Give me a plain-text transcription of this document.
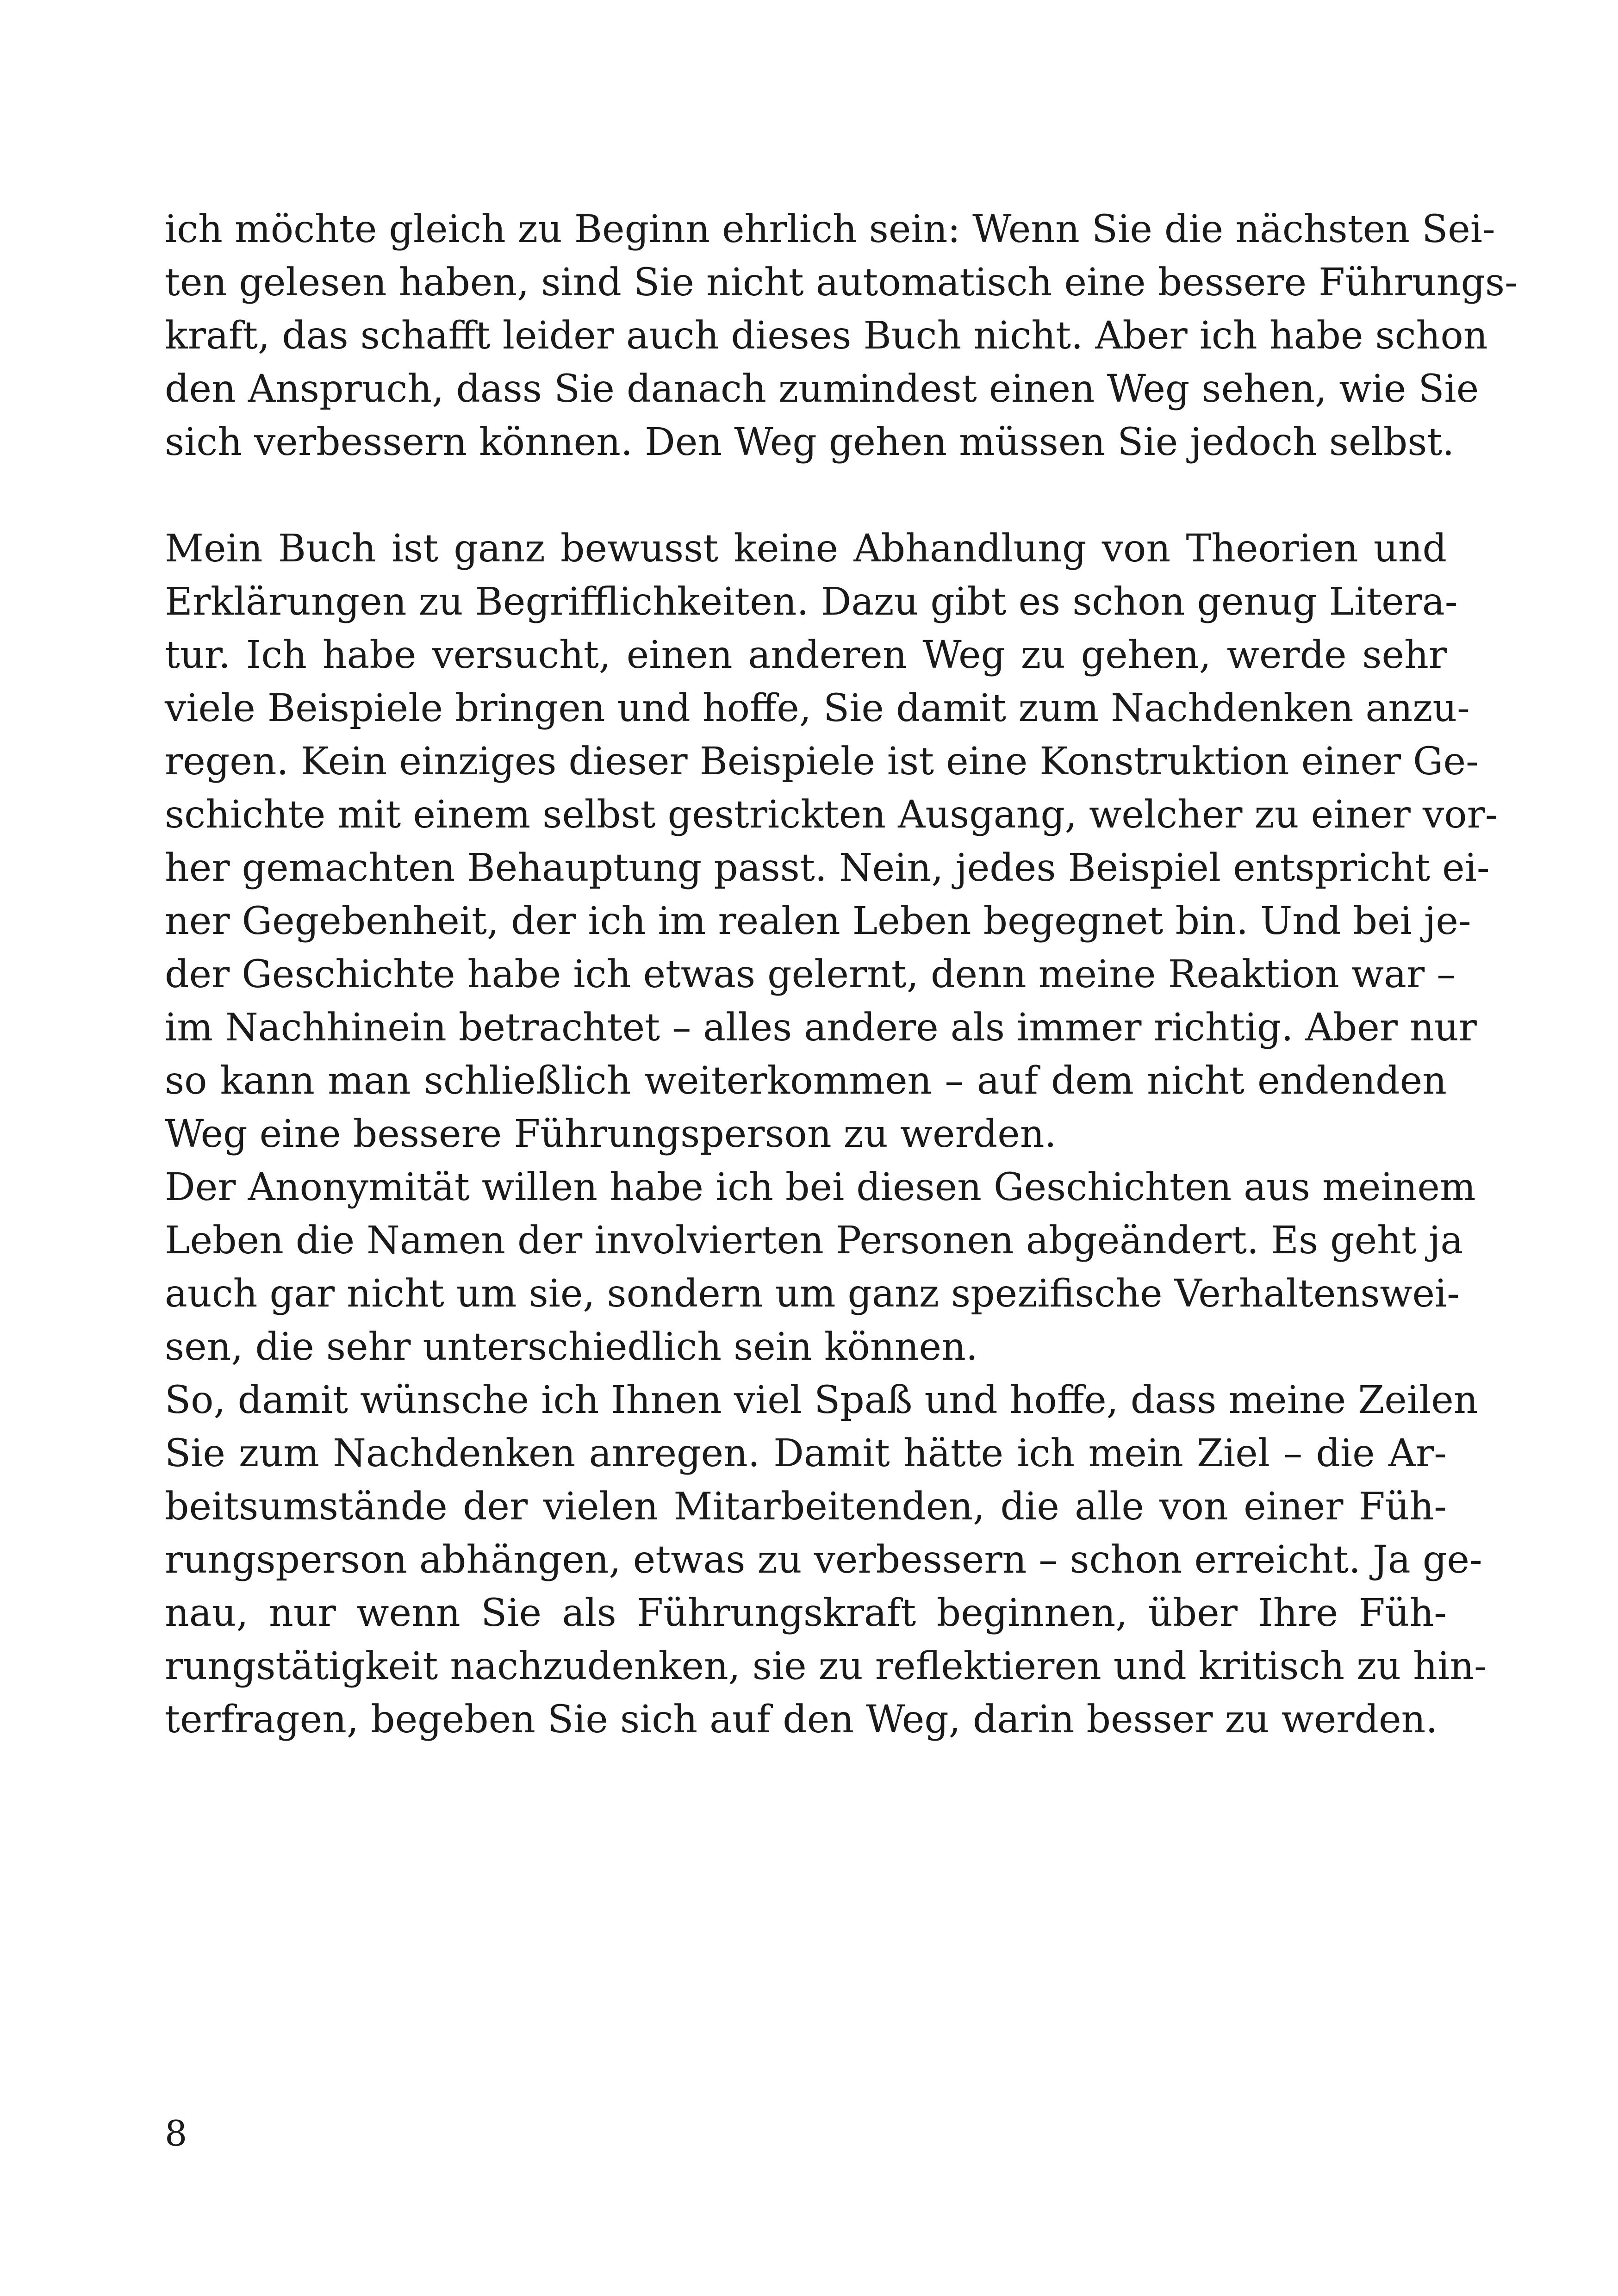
ich möchte gleich zu Beginn ehrlich sein: Wenn Sie die nächsten Sei-
ten gelesen haben, sind Sie nicht automatisch eine bessere Führungs-
kraft, das schafft leider auch dieses Buch nicht. Aber ich habe schon
den Anspruch, dass Sie danach zumindest einen Weg sehen, wie Sie
sich verbessern können. Den Weg gehen müssen Sie jedoch selbst.
Mein Buch ist ganz bewusst keine Abhandlung von Theorien und
Erklärungen zu Begrifflichkeiten. Dazu gibt es schon genug Litera-
tur. Ich habe versucht, einen anderen Weg zu gehen, werde sehr
viele Beispiele bringen und hoffe, Sie damit zum Nachdenken anzu-
regen. Kein einziges dieser Beispiele ist eine Konstruktion einer Ge-
schichte mit einem selbst gestrickten Ausgang, welcher zu einer vor-
her gemachten Behauptung passt. Nein, jedes Beispiel entspricht ei-
ner Gegebenheit, der ich im realen Leben begegnet bin. Und bei je-
der Geschichte habe ich etwas gelernt, denn meine Reaktion war –
im Nachhinein betrachtet – alles andere als immer richtig. Aber nur
so kann man schließlich weiterkommen – auf dem nicht endenden
Weg eine bessere Führungsperson zu werden.
Der Anonymität willen habe ich bei diesen Geschichten aus meinem
Leben die Namen der involvierten Personen abgeändert. Es geht ja
auch gar nicht um sie, sondern um ganz spezifische Verhaltenswei-
sen, die sehr unterschiedlich sein können.
So, damit wünsche ich Ihnen viel Spaß und hoffe, dass meine Zeilen
Sie zum Nachdenken anregen. Damit hätte ich mein Ziel – die Ar-
beitsumstände der vielen Mitarbeitenden, die alle von einer Füh-
rungsperson abhängen, etwas zu verbessern – schon erreicht. Ja ge-
nau, nur wenn Sie als Führungskraft beginnen, über Ihre Füh-
rungstätigkeit nachzudenken, sie zu reflektieren und kritisch zu hin-
terfragen, begeben Sie sich auf den Weg, darin besser zu werden.
8
